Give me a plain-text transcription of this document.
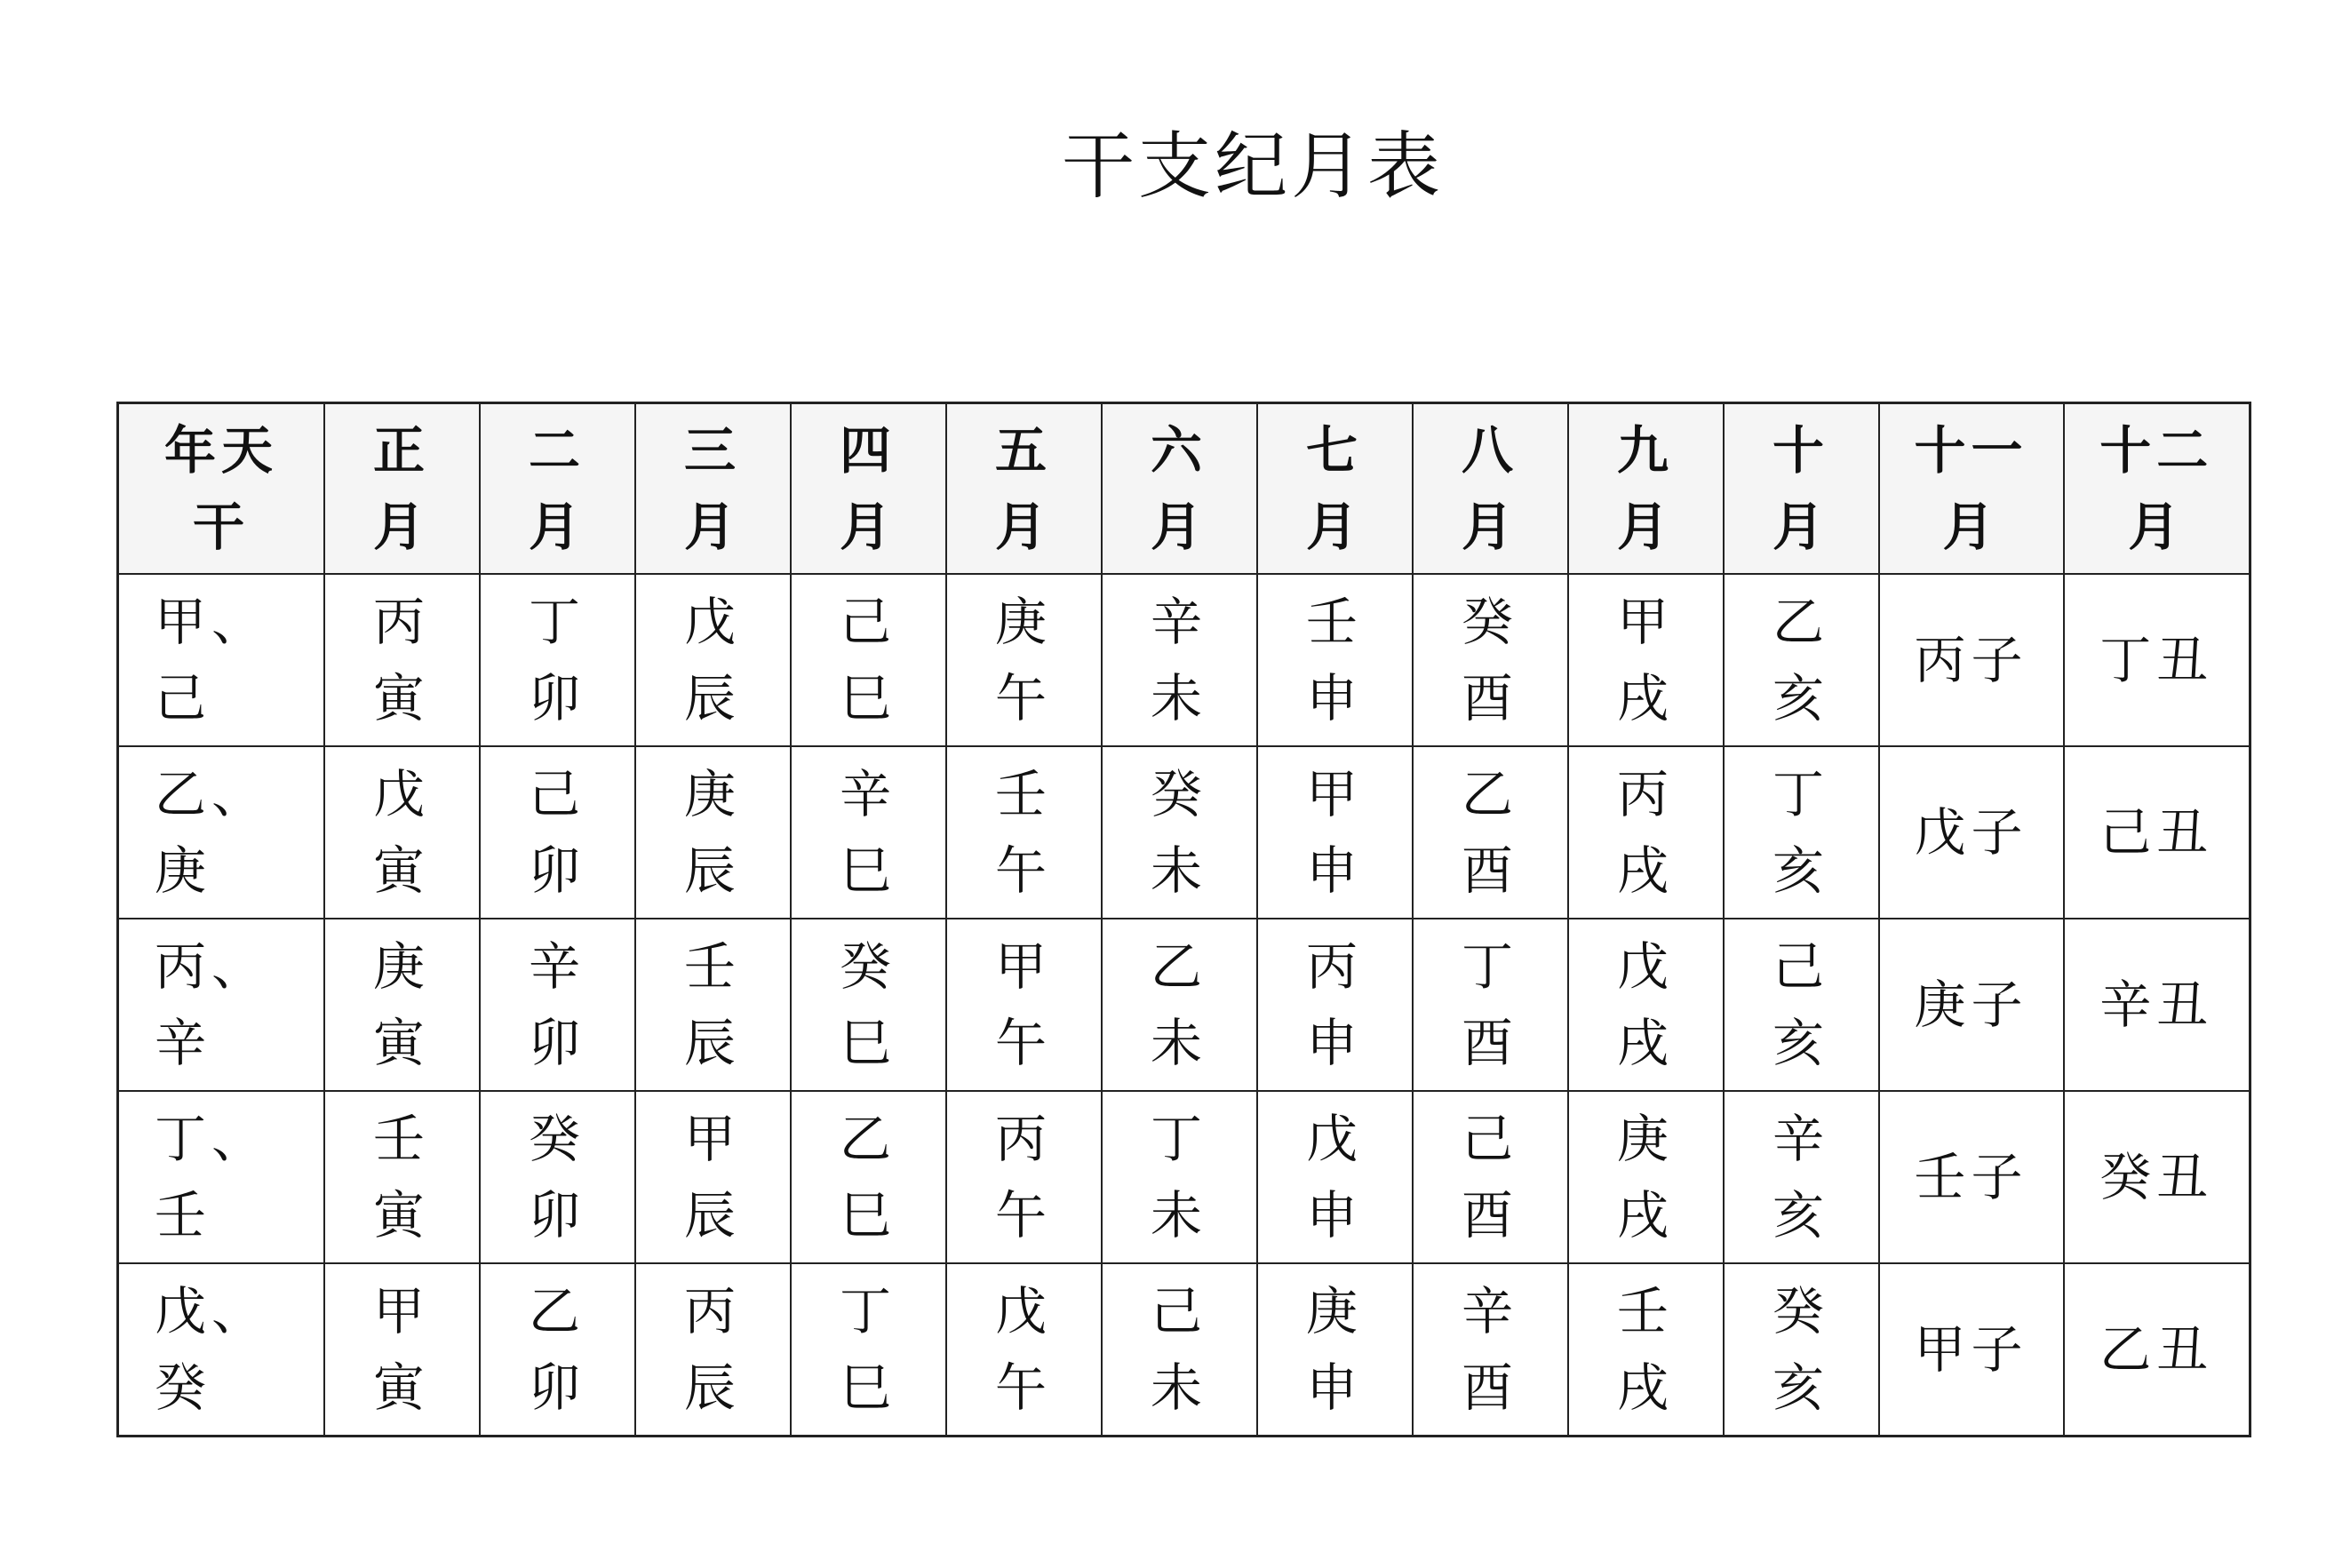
干支纪月表
年天干	正月	二月	三月	四月	五月	六月	七月	八月	九月	十月	十一月	十二月

甲、己	丙寅	丁卯	戊辰	己巳	庚午	辛未	壬申	癸酉	甲戌	乙亥	丙子	丁丑

乙、庚	戊寅	己卯	庚辰	辛巳	壬午	癸未	甲申	乙酉	丙戌	丁亥	戊子	己丑

丙、辛	庚寅	辛卯	壬辰	癸巳	甲午	乙未	丙申	丁酉	戊戌	己亥	庚子	辛丑

丁、壬	壬寅	癸卯	甲辰	乙巳	丙午	丁未	戊申	己酉	庚戌	辛亥	壬子	癸丑

戊、癸	甲寅	乙卯	丙辰	丁巳	戊午	己未	庚申	辛酉	壬戌	癸亥	甲子	乙丑
